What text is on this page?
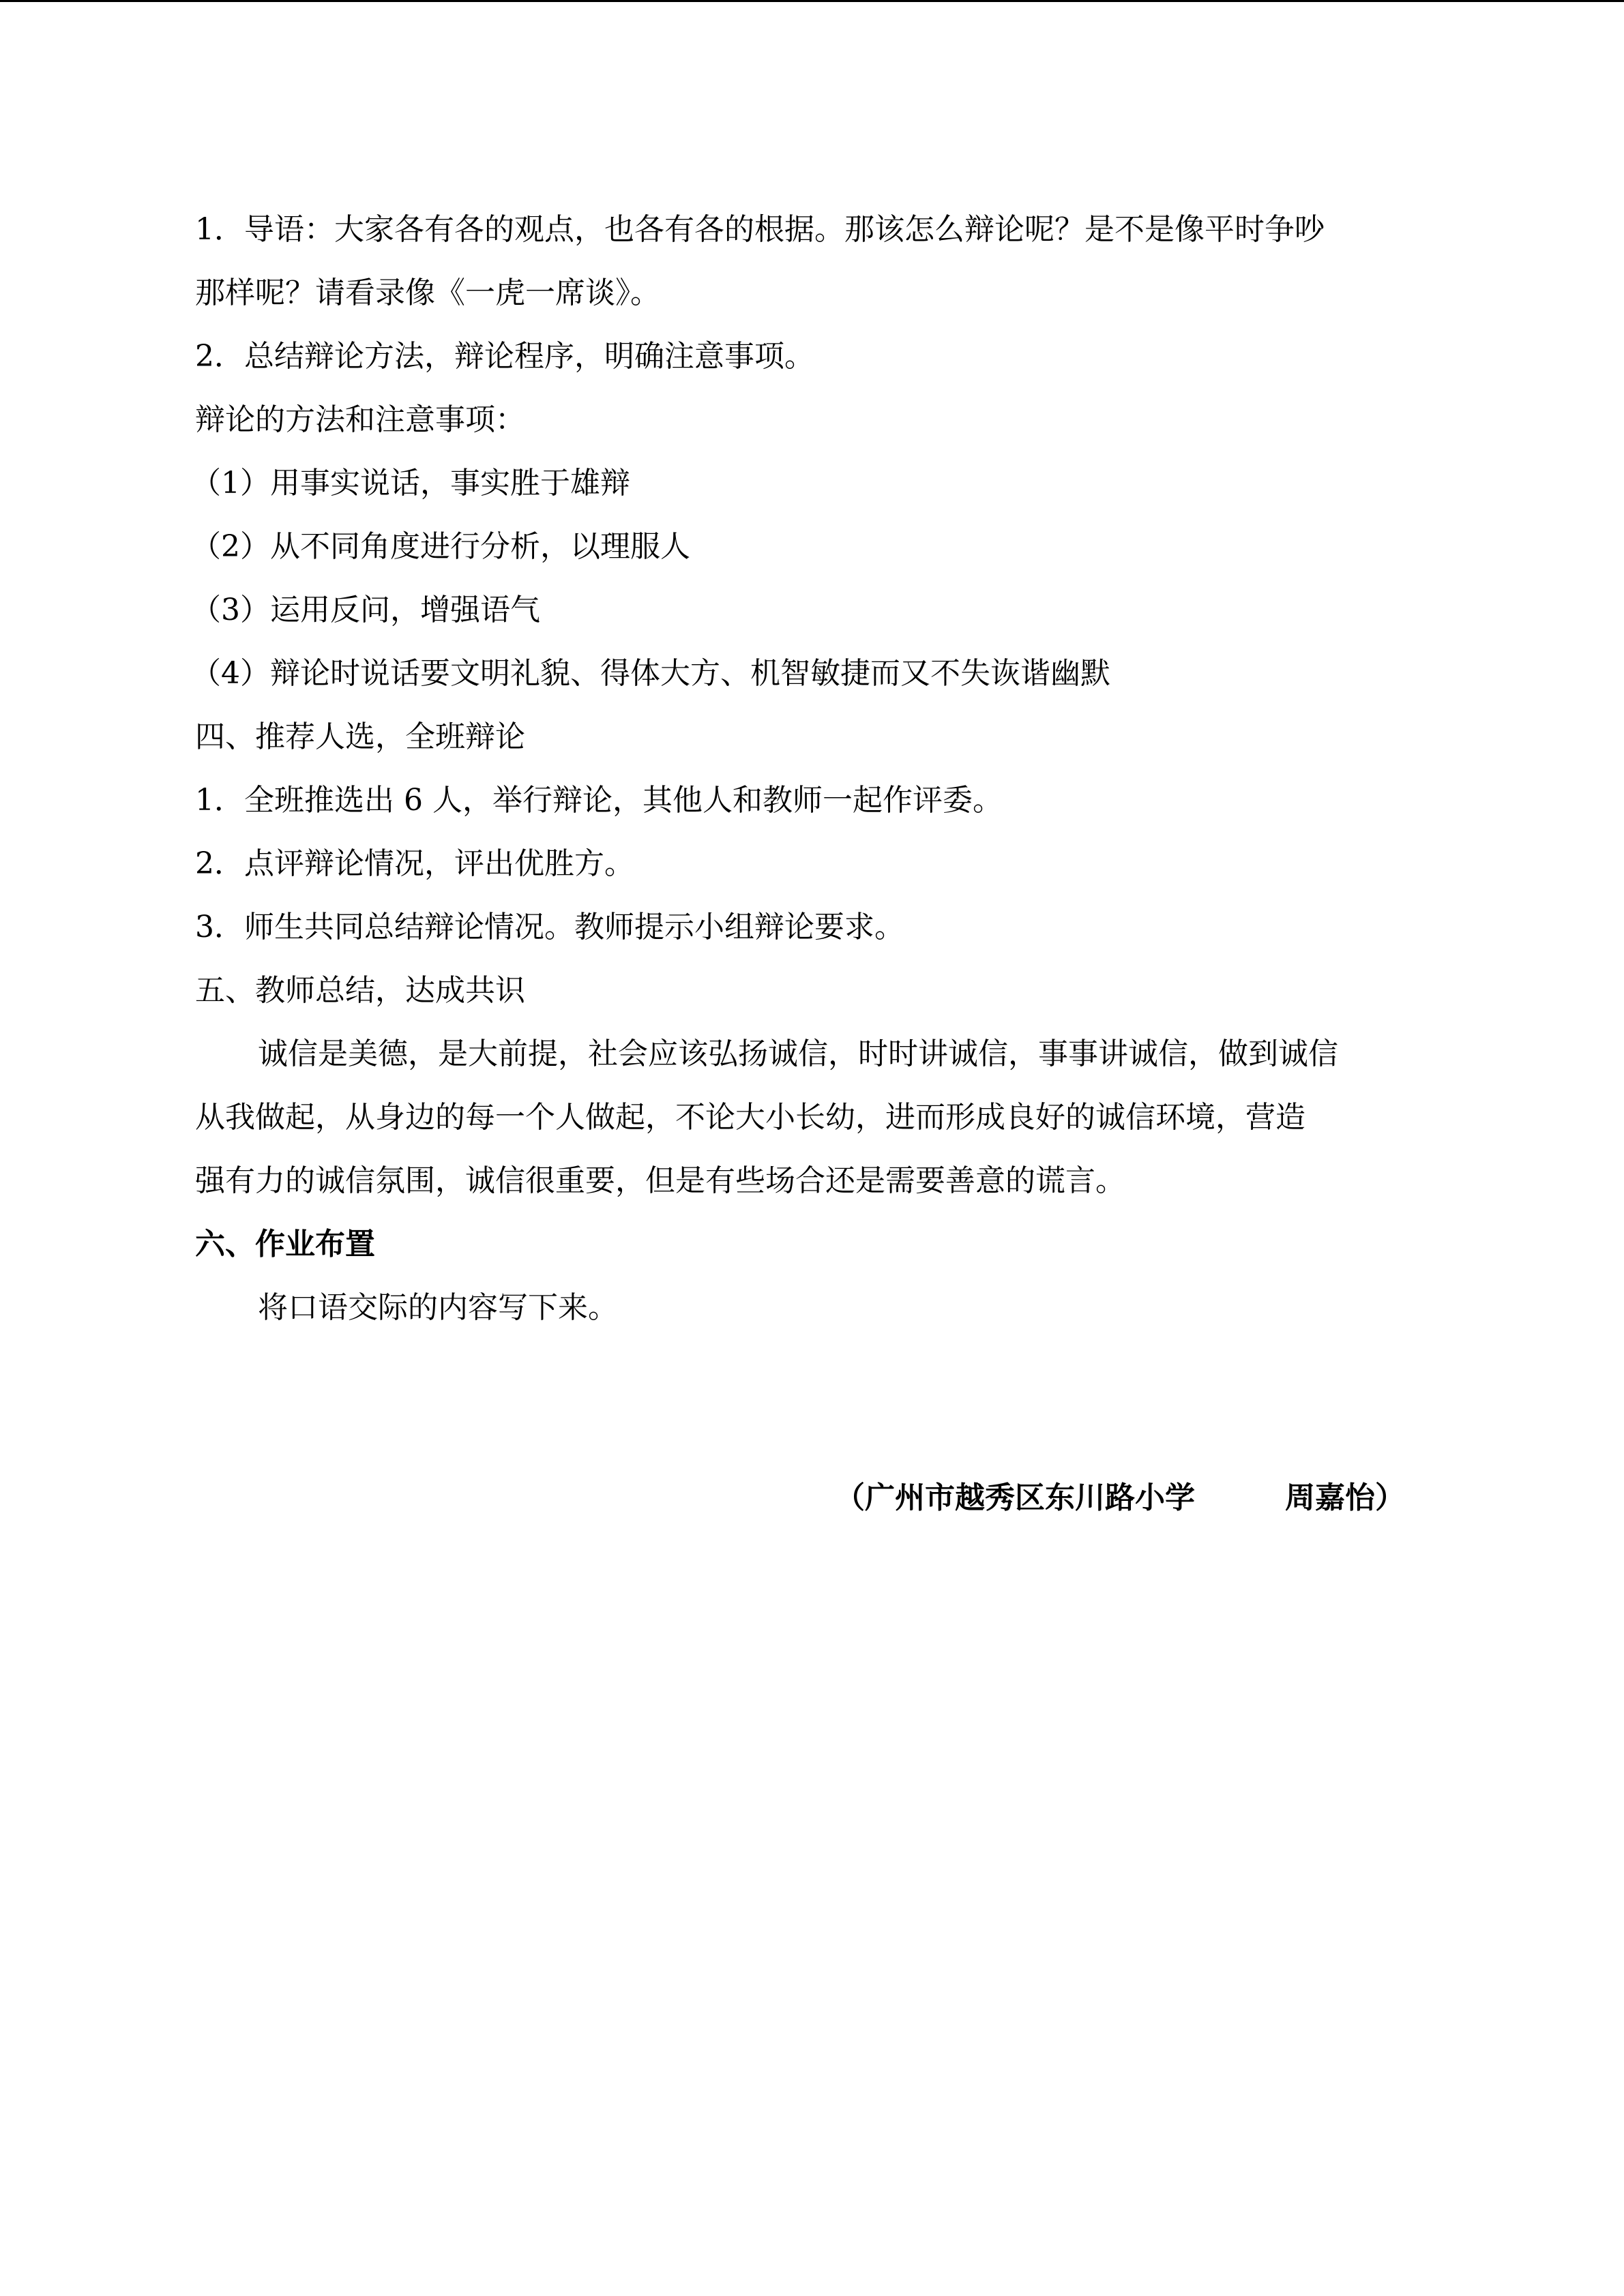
1．导语：大家各有各的观点，也各有各的根据。那该怎么辩论呢？是不是像平时争吵

那样呢？请看录像《一虎一席谈》。

2．总结辩论方法，辩论程序，明确注意事项。

辩论的方法和注意事项：

（1）用事实说话，事实胜于雄辩

（2）从不同角度进行分析，以理服人

（3）运用反问，增强语气

（4）辩论时说话要文明礼貌、得体大方、机智敏捷而又不失诙谐幽默

四、推荐人选，全班辩论

1．全班推选出 6 人，举行辩论，其他人和教师一起作评委。

2．点评辩论情况，评出优胜方。

3．师生共同总结辩论情况。教师提示小组辩论要求。

五、教师总结，达成共识

诚信是美德，是大前提，社会应该弘扬诚信，时时讲诚信，事事讲诚信，做到诚信

从我做起，从身边的每一个人做起，不论大小长幼，进而形成良好的诚信环境，营造

强有力的诚信氛围，诚信很重要，但是有些场合还是需要善意的谎言。

六、作业布置

将口语交际的内容写下来。

（广州市越秀区东川路小学　　　周嘉怡）
